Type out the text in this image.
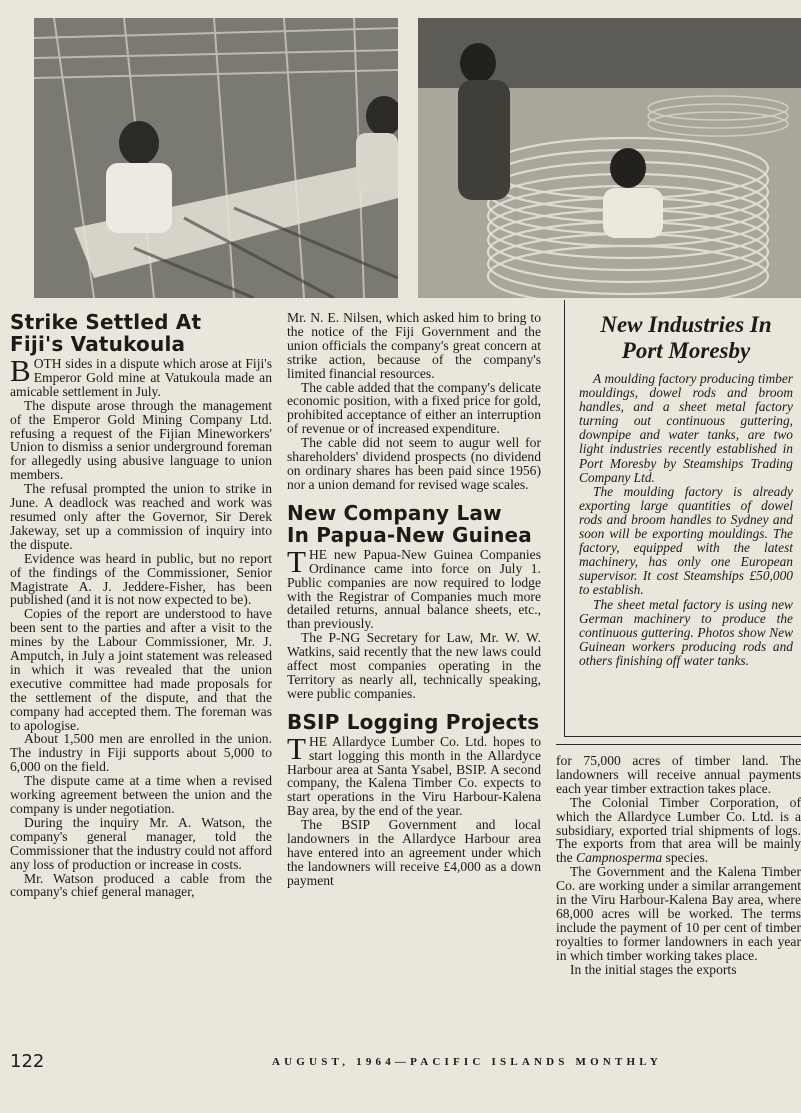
Strike Settled At
Fiji's Vatukoula

BOTH sides in a dispute which arose at Fiji's Emperor Gold mine at Vatukoula made an amicable settlement in July.

The dispute arose through the management of the Emperor Gold Mining Company Ltd. refusing a request of the Fijian Mineworkers' Union to dismiss a senior underground foreman for allegedly using abusive language to union members.

The refusal prompted the union to strike in June. A deadlock was reached and work was resumed only after the Governor, Sir Derek Jakeway, set up a commission of inquiry into the dispute.

Evidence was heard in public, but no report of the findings of the Commissioner, Senior Magistrate A. J. Jeddere-Fisher, has been published (and it is not now expected to be).

Copies of the report are understood to have been sent to the parties and after a visit to the mines by the Labour Commissioner, Mr. J. Amputch, in July a joint statement was released in which it was revealed that the union executive committee had made proposals for the settlement of the dispute, and that the company had accepted them. The foreman was to apologise.

About 1,500 men are enrolled in the union. The industry in Fiji supports about 5,000 to 6,000 on the field.

The dispute came at a time when a revised working agreement between the union and the company is under negotiation.

During the inquiry Mr. A. Watson, the company's general manager, told the Commissioner that the industry could not afford any loss of production or increase in costs.

Mr. Watson produced a cable from the company's chief general manager,

Mr. N. E. Nilsen, which asked him to bring to the notice of the Fiji Government and the union officials the company's great concern at strike action, because of the company's limited financial resources.

The cable added that the company's delicate economic position, with a fixed price for gold, prohibited acceptance of either an interruption of revenue or of increased expenditure.

The cable did not seem to augur well for shareholders' dividend prospects (no dividend on ordinary shares has been paid since 1956) nor a union demand for revised wage scales.

New Company Law
In Papua-New Guinea

THE new Papua-New Guinea Companies Ordinance came into force on July 1. Public companies are now required to lodge with the Registrar of Companies much more detailed returns, annual balance sheets, etc., than previously.

The P-NG Secretary for Law, Mr. W. W. Watkins, said recently that the new laws could affect most companies operating in the Territory as nearly all, technically speaking, were public companies.

BSIP Logging Projects

THE Allardyce Lumber Co. Ltd. hopes to start logging this month in the Allardyce Harbour area at Santa Ysabel, BSIP. A second company, the Kalena Timber Co. expects to start operations in the Viru Harbour-Kalena Bay area, by the end of the year.

The BSIP Government and local landowners in the Allardyce Harbour area have entered into an agreement under which the landowners will receive £4,000 as a down payment

New Industries In
Port Moresby

A moulding factory producing timber mouldings, dowel rods and broom handles, and a sheet metal factory turning out continuous guttering, downpipe and water tanks, are two light industries recently established in Port Moresby by Steamships Trading Company Ltd.

The moulding factory is already exporting large quantities of dowel rods and broom handles to Sydney and soon will be exporting mouldings. The factory, equipped with the latest machinery, has only one European supervisor. It cost Steamships £50,000 to establish.

The sheet metal factory is using new German machinery to produce the continuous guttering. Photos show New Guinean workers producing rods and others finishing off water tanks.

for 75,000 acres of timber land. The landowners will receive annual payments each year timber extraction takes place.

The Colonial Timber Corporation, of which the Allardyce Lumber Co. Ltd. is a subsidiary, exported trial shipments of logs. The exports from that area will be mainly the Campnosperma species.

The Government and the Kalena Timber Co. are working under a similar arrangement in the Viru Harbour-Kalena Bay area, where 68,000 acres will be worked. The terms include the payment of 10 per cent of timber royalties to former landowners in each year in which timber working takes place.

In the initial stages the exports

122	AUGUST, 1964—PACIFIC ISLANDS MONTHLY
